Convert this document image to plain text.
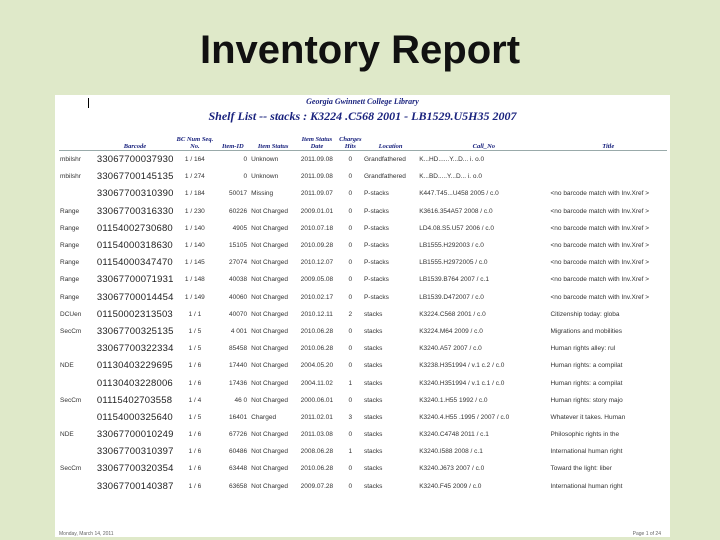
Inventory Report
Georgia Gwinnett College Library
Shelf List -- stacks : K3224 .C568 2001 - LB1529.U5H35 2007
	Barcode	BC Num Seq. No.	Item-ID	Item Status	Item Status Date	Charges Hits	Location	Call_No	Title
mbilshr	33067700037930	1 / 164	0	Unknown	2011.09.08	0	Grandfathered	K...HD......Y...D... i. o.0	
mbilshr	33067700145135	1 / 274	0	Unknown	2011.09.08	0	Grandfathered	K...BD.....Y...D... i. o.0	
	33067700310390	1 / 184	50017	Missing	2011.09.07	0	P-stacks	K447.T45...U458 2005 / c.0	<no barcode match with Inv.Xref >
Range	33067700316330	1 / 230	60226	Not Charged	2009.01.01	0	P-stacks	K3616.354A57 2008 / c.0	<no barcode match with Inv.Xref >
Range	01154002730680	1 / 140	4905	Not Charged	2010.07.18	0	P-stacks	LD4.08.S5.U57 2006 / c.0	<no barcode match with Inv.Xref >
Range	01154000318630	1 / 140	15105	Not Charged	2010.09.28	0	P-stacks	LB1555.H292003 / c.0	<no barcode match with Inv.Xref >
Range	01154000347470	1 / 145	27074	Not Charged	2010.12.07	0	P-stacks	LB1555.H2972005 / c.0	<no barcode match with Inv.Xref >
Range	33067700071931	1 / 148	40038	Not Charged	2009.05.08	0	P-stacks	LB1539.B764 2007 / c.1	<no barcode match with Inv.Xref >
Range	33067700014454	1 / 149	40060	Not Charged	2010.02.17	0	P-stacks	LB1539.D472007 / c.0	<no barcode match with Inv.Xref >
DCUen	01150002313503	1 / 1	40070	Not Charged	2010.12.11	2	stacks	K3224.C568 2001 / c.0	Citizenship today: globa
SecCm	33067700325135	1 / 5	4 001	Not Charged	2010.06.28	0	stacks	K3224.M64 2009 / c.0	Migrations and mobilities
	33067700322334	1 / 5	85458	Not Charged	2010.06.28	0	stacks	K3240.A57 2007 / c.0	Human rights alley: rul
NDE	01130403229695	1 / 6	17440	Not Charged	2004.05.20	0	stacks	K3238.H351994 / v.1 c.2 / c.0	Human rights: a compilat
	01130403228006	1 / 6	17436	Not Charged	2004.11.02	1	stacks	K3240.H351994 / v.1 c.1 / c.0	Human rights: a compilat
SecCm	01115402703558	1 / 4	46 0	Not Charged	2000.06.01	0	stacks	K3240.1.H55 1992 / c.0	Human rights: story majo
	01154000325640	1 / 5	16401	Charged	2011.02.01	3	stacks	K3240.4.H55 .1995 / 2007 / c.0	Whatever it takes. Human
NDE	33067700010249	1 / 6	67726	Not Charged	2011.03.08	0	stacks	K3240.C4748 2011 / c.1	Philosophic rights in the
	33067700310397	1 / 6	60486	Not Charged	2008.06.28	1	stacks	K3240.I588 2008 / c.1	International human right
SecCm	33067700320354	1 / 6	63448	Not Charged	2010.06.28	0	stacks	K3240.J673 2007 / c.0	Toward the light: liber
	33067700140387	1 / 6	63658	Not Charged	2009.07.28	0	stacks	K3240.F45 2009 / c.0	International human right
Monday, March 14, 2011	Page 1 of 24
